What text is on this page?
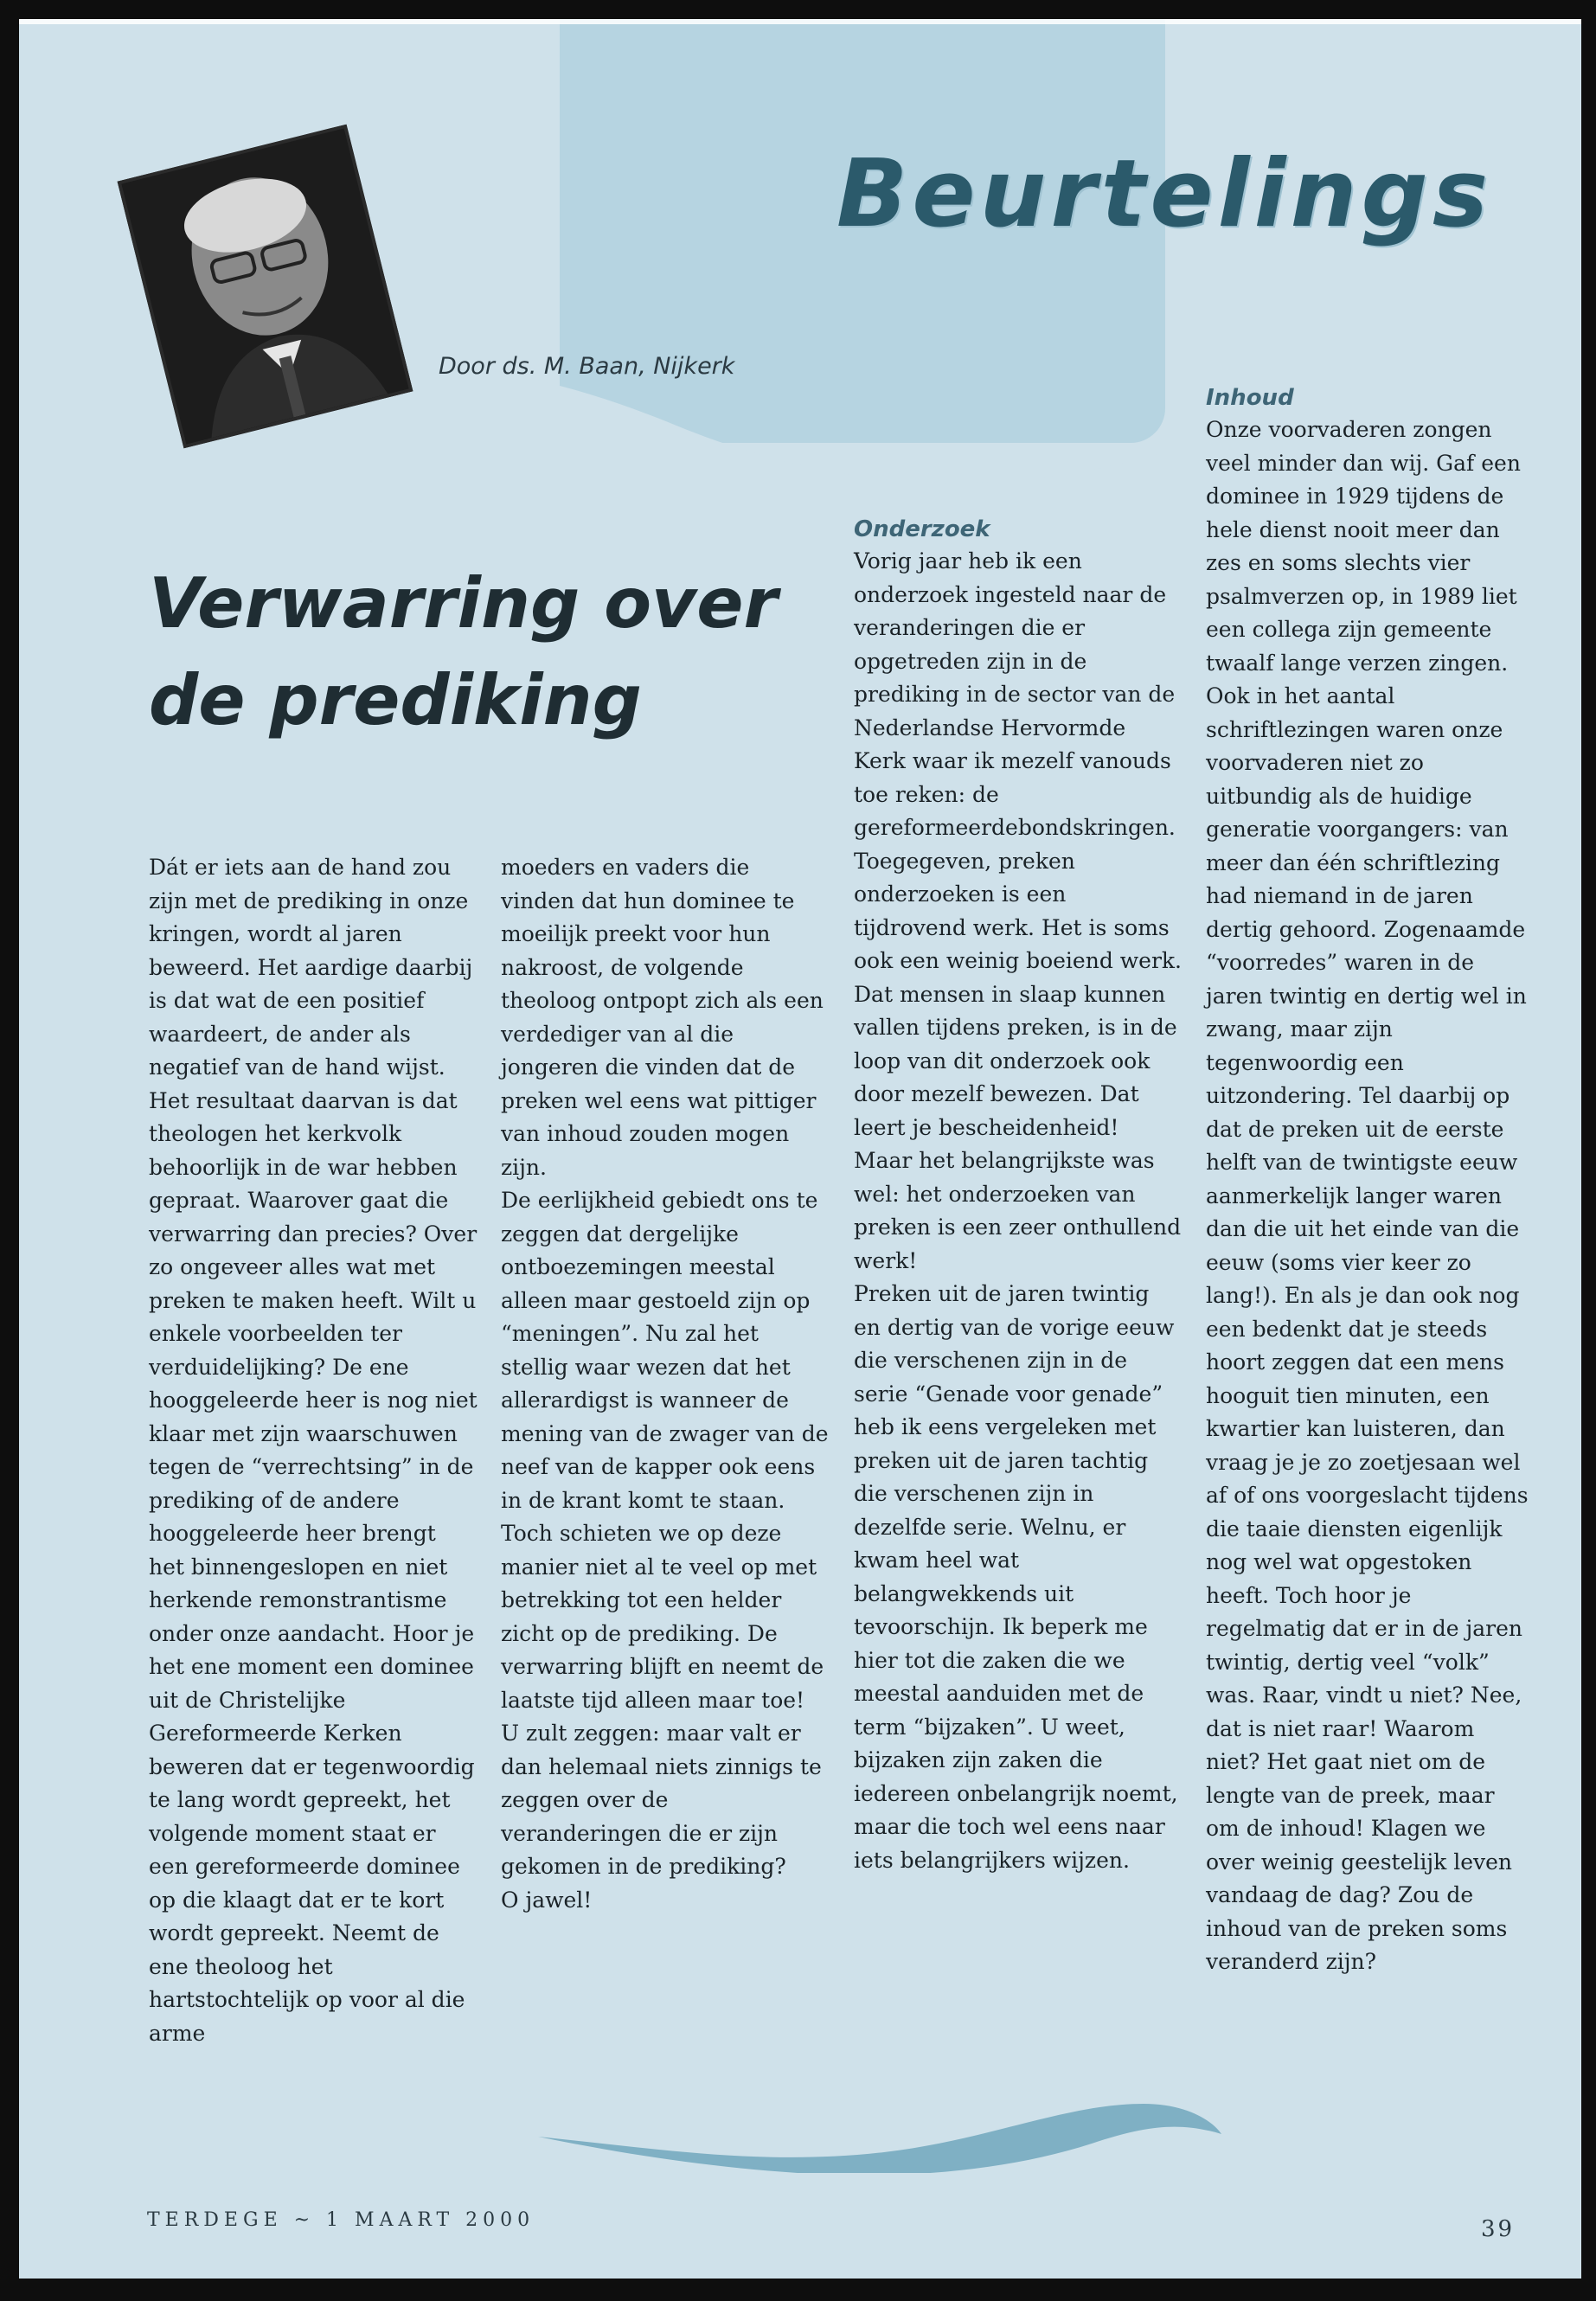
Beurtelings
Door ds. M. Baan, Nijkerk
Verwarring over
de prediking

Dát er iets aan de hand zou zijn met de prediking in onze kringen, wordt al jaren beweerd. Het aardige daarbij is dat wat de een positief waardeert, de ander als negatief van de hand wijst. Het resultaat daarvan is dat theologen het kerkvolk behoorlijk in de war hebben gepraat. Waarover gaat die verwarring dan precies? Over zo ongeveer alles wat met preken te maken heeft. Wilt u enkele voorbeelden ter verduidelijking? De ene hooggeleerde heer is nog niet klaar met zijn waarschuwen tegen de “verrechtsing” in de prediking of de andere hooggeleerde heer brengt het binnengeslopen en niet herkende remonstrantisme onder onze aandacht. Hoor je het ene moment een dominee uit de Christelijke Gereformeerde Kerken beweren dat er tegenwoordig te lang wordt gepreekt, het volgende moment staat er een gereformeerde dominee op die klaagt dat er te kort wordt gepreekt. Neemt de ene theoloog het hartstochtelijk op voor al die arme

moeders en vaders die vinden dat hun dominee te moeilijk preekt voor hun nakroost, de volgende theoloog ontpopt zich als een verdediger van al die jongeren die vinden dat de preken wel eens wat pittiger van inhoud zouden mogen zijn.

De eerlijkheid gebiedt ons te zeggen dat dergelijke ontboezemingen meestal alleen maar gestoeld zijn op “meningen”. Nu zal het stellig waar wezen dat het allerardigst is wanneer de mening van de zwager van de neef van de kapper ook eens in de krant komt te staan. Toch schieten we op deze manier niet al te veel op met betrekking tot een helder zicht op de prediking. De verwarring blijft en neemt de laatste tijd alleen maar toe! U zult zeggen: maar valt er dan helemaal niets zinnigs te zeggen over de veranderingen die er zijn gekomen in de prediking?

O jawel!

Onderzoek

Vorig jaar heb ik een onderzoek ingesteld naar de veranderingen die er opgetreden zijn in de prediking in de sector van de Nederlandse Hervormde Kerk waar ik mezelf vanouds toe reken: de gereformeerdebondskringen. Toegegeven, preken onderzoeken is een tijdrovend werk. Het is soms ook een weinig boeiend werk. Dat mensen in slaap kunnen vallen tijdens preken, is in de loop van dit onderzoek ook door mezelf bewezen. Dat leert je bescheidenheid! Maar het belangrijkste was wel: het onderzoeken van preken is een zeer onthullend werk!

Preken uit de jaren twintig en dertig van de vorige eeuw die verschenen zijn in de serie “Genade voor genade” heb ik eens vergeleken met preken uit de jaren tachtig die verschenen zijn in dezelfde serie. Welnu, er kwam heel wat belangwekkends uit tevoorschijn. Ik beperk me hier tot die zaken die we meestal aanduiden met de term “bijzaken”. U weet, bijzaken zijn zaken die iedereen onbelangrijk noemt, maar die toch wel eens naar iets belangrijkers wijzen.

Inhoud

Onze voorvaderen zongen veel minder dan wij. Gaf een dominee in 1929 tijdens de hele dienst nooit meer dan zes en soms slechts vier psalmverzen op, in 1989 liet een collega zijn gemeente twaalf lange verzen zingen. Ook in het aantal schriftlezingen waren onze voorvaderen niet zo uitbundig als de huidige generatie voorgangers: van meer dan één schriftlezing had niemand in de jaren dertig gehoord. Zogenaamde “voorredes” waren in de jaren twintig en dertig wel in zwang, maar zijn tegenwoordig een uitzondering. Tel daarbij op dat de preken uit de eerste helft van de twintigste eeuw aanmerkelijk langer waren dan die uit het einde van die eeuw (soms vier keer zo lang!). En als je dan ook nog een bedenkt dat je steeds hoort zeggen dat een mens hooguit tien minuten, een kwartier kan luisteren, dan vraag je je zo zoetjesaan wel af of ons voorgeslacht tijdens die taaie diensten eigenlijk nog wel wat opgestoken heeft. Toch hoor je regelmatig dat er in de jaren twintig, dertig veel “volk” was. Raar, vindt u niet? Nee, dat is niet raar! Waarom niet? Het gaat niet om de lengte van de preek, maar om de inhoud! Klagen we over weinig geestelijk leven vandaag de dag? Zou de inhoud van de preken soms veranderd zijn?

TERDEGE ~ 1 MAART 2000	39
